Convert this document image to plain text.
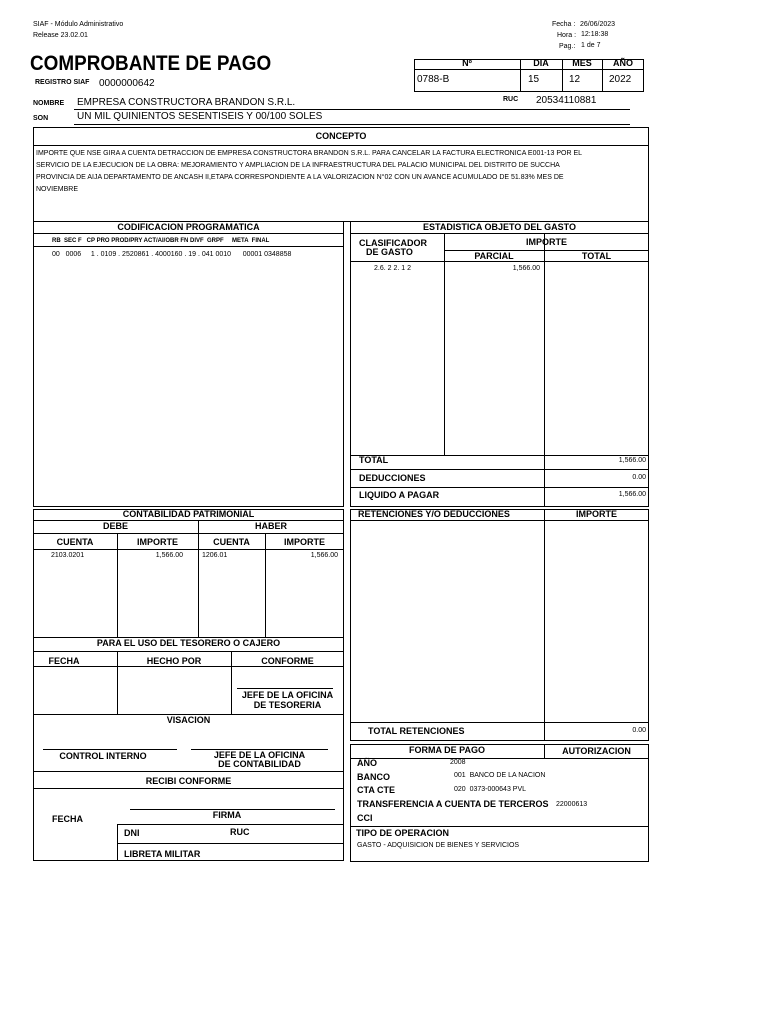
SIAF - Módulo Administrativo
Release 23.02.01
Fecha : 26/06/2023
Hora : 12:18:38
Pag.: 1 de 7
COMPROBANTE DE PAGO
REGISTRO SIAF 0000000642
Nº	DIA	MES	AÑO
0788-B	15	12	2022
NOMBRE EMPRESA CONSTRUCTORA BRANDON S.R.L.	RUC 20534110881
SON	UN MIL QUINIENTOS SESENTISEIS Y 00/100 SOLES
CONCEPTO
IMPORTE QUE NSE GIRA A CUENTA DETRACCION DE EMPRESA CONSTRUCTORA BRANDON S.R.L. PARA CANCELAR LA FACTURA ELECTRONICA E001-13 POR EL
SERVICIO DE LA EJECUCION DE LA OBRA: MEJORAMIENTO Y AMPLIACION DE LA INFRAESTRUCTURA DEL PALACIO MUNICIPAL DEL DISTRITO DE SUCCHA
PROVINCIA DE AIJA DEPARTAMENTO DE ANCASH II,ETAPA CORRESPONDIENTE A LA VALORIZACION N°02 CON UN AVANCE ACUMULADO DE 51.83% MES DE
NOVIEMBRE
CODIFICACION PROGRAMATICA
RB  SEC F   CP PRO PROD/PRY ACT/AI/OBR FN DIVF  GRPF     META  FINAL
00   0006     1 . 0109 . 2520861 . 4000160 . 19 . 041 0010      00001 0348858
ESTADISTICA OBJETO DEL GASTO
CLASIFICADOR
DE GASTO
IMPORTE
PARCIAL	TOTAL
2.6. 2 2. 1 2	1,566.00
TOTAL	1,566.00
DEDUCCIONES	0.00
LIQUIDO A PAGAR	1,566.00
CONTABILIDAD PATRIMONIAL
DEBE	HABER
CUENTA	IMPORTE	CUENTA	IMPORTE
2103.0201	1,566.00	1206.01	1,566.00
PARA EL USO DEL TESORERO O CAJERO
FECHA	HECHO POR	CONFORME
JEFE DE LA OFICINA
DE TESORERIA
VISACION
CONTROL INTERNO	JEFE DE LA OFICINA
DE CONTABILIDAD
RECIBI CONFORME
FIRMA
FECHA
DNI	RUC
LIBRETA MILITAR
RETENCIONES Y/O DEDUCCIONES	IMPORTE
TOTAL RETENCIONES	0.00
FORMA DE PAGO	AUTORIZACION
AÑO	2008
BANCO	001  BANCO DE LA NACION
CTA CTE	020  0373-000643 PVL
TRANSFERENCIA A CUENTA DE TERCEROS 22000613
CCI
TIPO DE OPERACION
GASTO - ADQUISICION DE BIENES Y SERVICIOS
